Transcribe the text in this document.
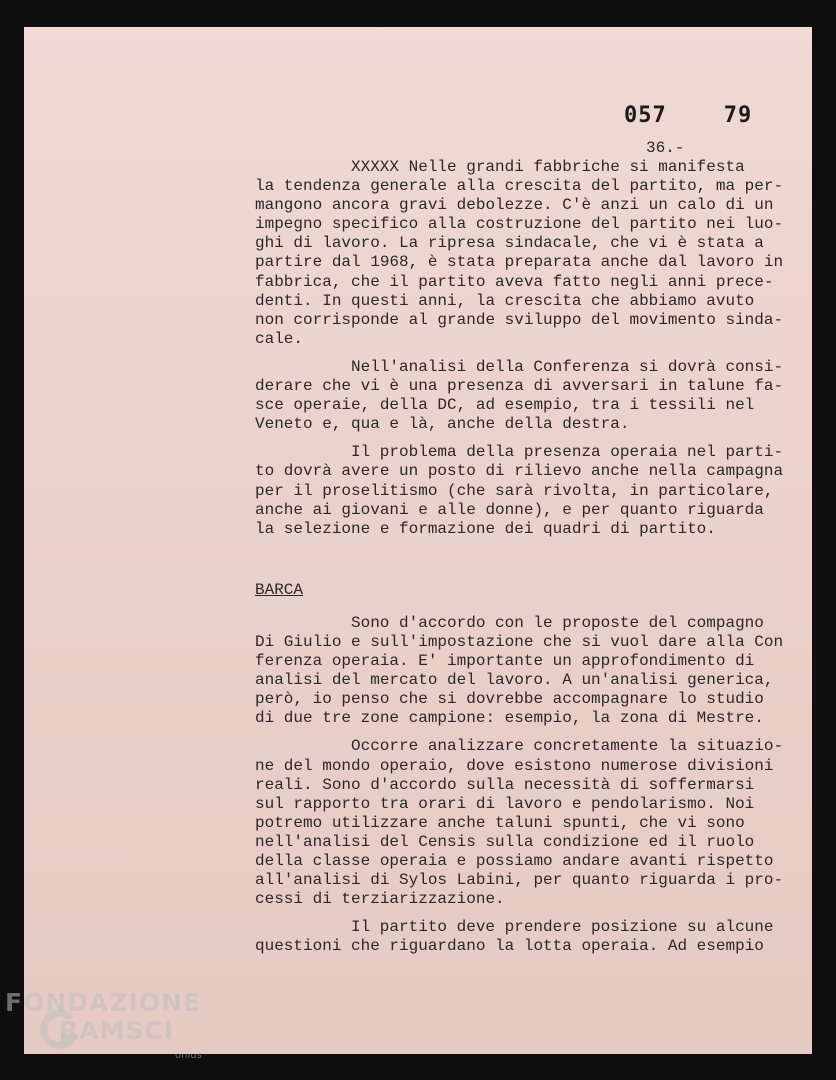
057    79
36.-
XXXXX Nelle grandi fabbriche si manifesta
la tendenza generale alla crescita del partito, ma per-
mangono ancora gravi debolezze. C'è anzi un calo di un
impegno specifico alla costruzione del partito nei luo-
ghi di lavoro. La ripresa sindacale, che vi è stata a
partire dal 1968, è stata preparata anche dal lavoro in
fabbrica, che il partito aveva fatto negli anni prece-
denti. In questi anni, la crescita che abbiamo avuto
non corrisponde al grande sviluppo del movimento sinda-
cale.
Nell'analisi della Conferenza si dovrà consi-
derare che vi è una presenza di avversari in talune fa-
sce operaie, della DC, ad esempio, tra i tessili nel
Veneto e, qua e là, anche della destra.
Il problema della presenza operaia nel parti-
to dovrà avere un posto di rilievo anche nella campagna
per il proselitismo (che sarà rivolta, in particolare,
anche ai giovani e alle donne), e per quanto riguarda
la selezione e formazione dei quadri di partito.
BARCA
Sono d'accordo con le proposte del compagno
Di Giulio e sull'impostazione che si vuol dare alla Con
ferenza operaia. E' importante un approfondimento di
analisi del mercato del lavoro. A un'analisi generica,
però, io penso che si dovrebbe accompagnare lo studio
di due tre zone campione: esempio, la zona di Mestre.
Occorre analizzare concretamente la situazio-
ne del mondo operaio, dove esistono numerose divisioni
reali. Sono d'accordo sulla necessità di soffermarsi
sul rapporto tra orari di lavoro e pendolarismo. Noi
potremo utilizzare anche taluni spunti, che vi sono
nell'analisi del Censis sulla condizione ed il ruolo
della classe operaia e possiamo andare avanti rispetto
all'analisi di Sylos Labini, per quanto riguarda i pro-
cessi di terziarizzazione.
Il partito deve prendere posizione su alcune
questioni che riguardano la lotta operaia. Ad esempio
FONDAZIONE
RAMSCI
onlus
